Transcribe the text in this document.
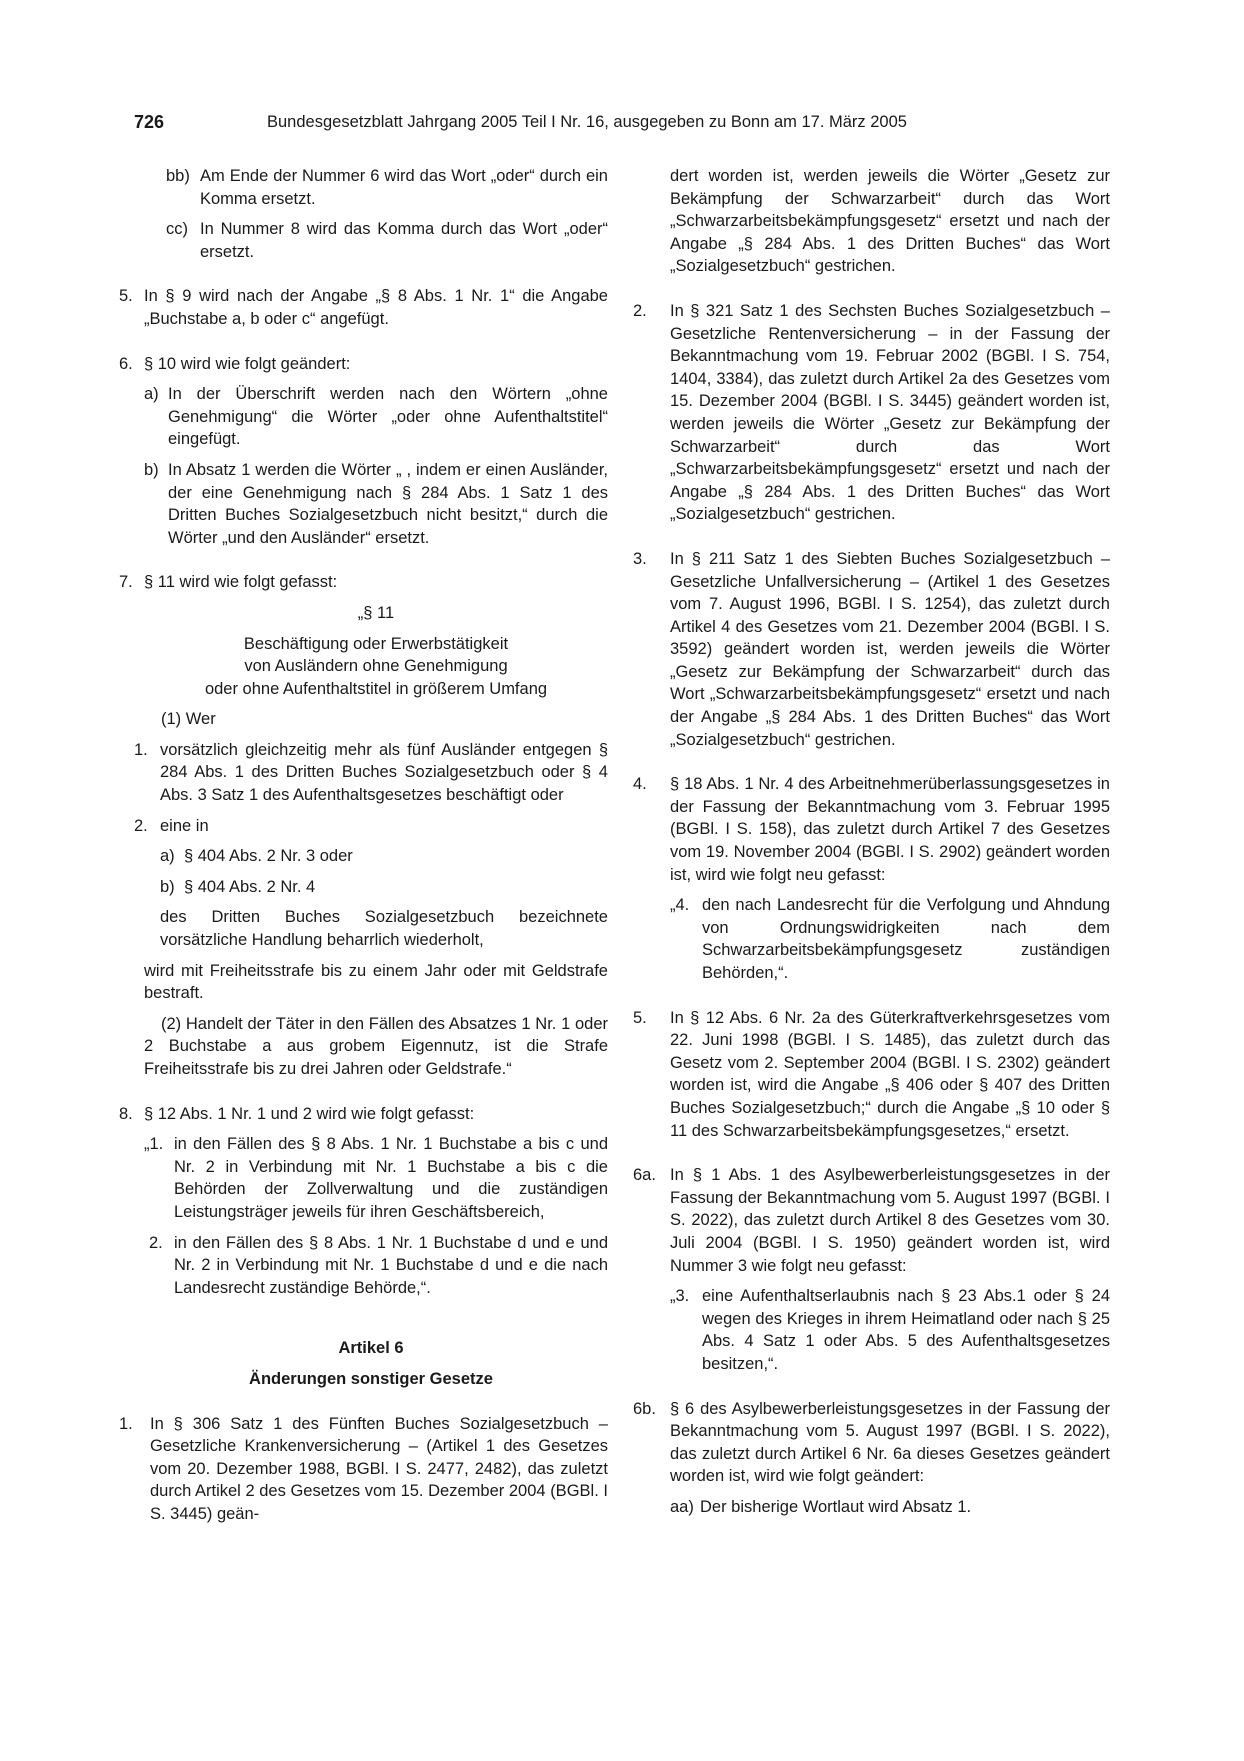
726	Bundesgesetzblatt Jahrgang 2005 Teil I Nr. 16, ausgegeben zu Bonn am 17. März 2005
bb) Am Ende der Nummer 6 wird das Wort „oder“ durch ein Komma ersetzt.
cc) In Nummer 8 wird das Komma durch das Wort „oder“ ersetzt.
5. In § 9 wird nach der Angabe „§ 8 Abs. 1 Nr. 1“ die Angabe „Buchstabe a, b oder c“ angefügt.
6. § 10 wird wie folgt geändert:
a) In der Überschrift werden nach den Wörtern „ohne Genehmigung“ die Wörter „oder ohne Aufenthaltstitel“ eingefügt.
b) In Absatz 1 werden die Wörter „ , indem er einen Ausländer, der eine Genehmigung nach § 284 Abs. 1 Satz 1 des Dritten Buches Sozialgesetzbuch nicht besitzt,“ durch die Wörter „und den Ausländer“ ersetzt.
7. § 11 wird wie folgt gefasst:
„§ 11
Beschäftigung oder Erwerbstätigkeit
von Ausländern ohne Genehmigung
oder ohne Aufenthaltstitel in größerem Umfang
(1) Wer
1. vorsätzlich gleichzeitig mehr als fünf Ausländer entgegen § 284 Abs. 1 des Dritten Buches Sozialgesetzbuch oder § 4 Abs. 3 Satz 1 des Aufenthaltsgesetzes beschäftigt oder
2. eine in
a) § 404 Abs. 2 Nr. 3 oder
b) § 404 Abs. 2 Nr. 4
des Dritten Buches Sozialgesetzbuch bezeichnete vorsätzliche Handlung beharrlich wiederholt,
wird mit Freiheitsstrafe bis zu einem Jahr oder mit Geldstrafe bestraft.
(2) Handelt der Täter in den Fällen des Absatzes 1 Nr. 1 oder 2 Buchstabe a aus grobem Eigennutz, ist die Strafe Freiheitsstrafe bis zu drei Jahren oder Geldstrafe.“
8. § 12 Abs. 1 Nr. 1 und 2 wird wie folgt gefasst:
„1. in den Fällen des § 8 Abs. 1 Nr. 1 Buchstabe a bis c und Nr. 2 in Verbindung mit Nr. 1 Buchstabe a bis c die Behörden der Zollverwaltung und die zuständigen Leistungsträger jeweils für ihren Geschäftsbereich,
2. in den Fällen des § 8 Abs. 1 Nr. 1 Buchstabe d und e und Nr. 2 in Verbindung mit Nr. 1 Buchstabe d und e die nach Landesrecht zuständige Behörde,“.
Artikel 6
Änderungen sonstiger Gesetze
1. In § 306 Satz 1 des Fünften Buches Sozialgesetzbuch – Gesetzliche Krankenversicherung – (Artikel 1 des Gesetzes vom 20. Dezember 1988, BGBl. I S. 2477, 2482), das zuletzt durch Artikel 2 des Gesetzes vom 15. Dezember 2004 (BGBl. I S. 3445) geän-
dert worden ist, werden jeweils die Wörter „Gesetz zur Bekämpfung der Schwarzarbeit“ durch das Wort „Schwarzarbeitsbekämpfungsgesetz“ ersetzt und nach der Angabe „§ 284 Abs. 1 des Dritten Buches“ das Wort „Sozialgesetzbuch“ gestrichen.
2. In § 321 Satz 1 des Sechsten Buches Sozialgesetzbuch – Gesetzliche Rentenversicherung – in der Fassung der Bekanntmachung vom 19. Februar 2002 (BGBl. I S. 754, 1404, 3384), das zuletzt durch Artikel 2a des Gesetzes vom 15. Dezember 2004 (BGBl. I S. 3445) geändert worden ist, werden jeweils die Wörter „Gesetz zur Bekämpfung der Schwarzarbeit“ durch das Wort „Schwarzarbeitsbekämpfungsgesetz“ ersetzt und nach der Angabe „§ 284 Abs. 1 des Dritten Buches“ das Wort „Sozialgesetzbuch“ gestrichen.
3. In § 211 Satz 1 des Siebten Buches Sozialgesetzbuch – Gesetzliche Unfallversicherung – (Artikel 1 des Gesetzes vom 7. August 1996, BGBl. I S. 1254), das zuletzt durch Artikel 4 des Gesetzes vom 21. Dezember 2004 (BGBl. I S. 3592) geändert worden ist, werden jeweils die Wörter „Gesetz zur Bekämpfung der Schwarzarbeit“ durch das Wort „Schwarzarbeitsbekämpfungsgesetz“ ersetzt und nach der Angabe „§ 284 Abs. 1 des Dritten Buches“ das Wort „Sozialgesetzbuch“ gestrichen.
4. § 18 Abs. 1 Nr. 4 des Arbeitnehmerüberlassungsgesetzes in der Fassung der Bekanntmachung vom 3. Februar 1995 (BGBl. I S. 158), das zuletzt durch Artikel 7 des Gesetzes vom 19. November 2004 (BGBl. I S. 2902) geändert worden ist, wird wie folgt neu gefasst:
„4. den nach Landesrecht für die Verfolgung und Ahndung von Ordnungswidrigkeiten nach dem Schwarzarbeitsbekämpfungsgesetz zuständigen Behörden,“.
5. In § 12 Abs. 6 Nr. 2a des Güterkraftverkehrsgesetzes vom 22. Juni 1998 (BGBl. I S. 1485), das zuletzt durch das Gesetz vom 2. September 2004 (BGBl. I S. 2302) geändert worden ist, wird die Angabe „§ 406 oder § 407 des Dritten Buches Sozialgesetzbuch;“ durch die Angabe „§ 10 oder § 11 des Schwarzarbeitsbekämpfungsgesetzes,“ ersetzt.
6a. In § 1 Abs. 1 des Asylbewerberleistungsgesetzes in der Fassung der Bekanntmachung vom 5. August 1997 (BGBl. I S. 2022), das zuletzt durch Artikel 8 des Gesetzes vom 30. Juli 2004 (BGBl. I S. 1950) geändert worden ist, wird Nummer 3 wie folgt neu gefasst:
„3. eine Aufenthaltserlaubnis nach § 23 Abs.1 oder § 24 wegen des Krieges in ihrem Heimatland oder nach § 25 Abs. 4 Satz 1 oder Abs. 5 des Aufenthaltsgesetzes besitzen,“.
6b. § 6 des Asylbewerberleistungsgesetzes in der Fassung der Bekanntmachung vom 5. August 1997 (BGBl. I S. 2022), das zuletzt durch Artikel 6 Nr. 6a dieses Gesetzes geändert worden ist, wird wie folgt geändert:
aa) Der bisherige Wortlaut wird Absatz 1.
